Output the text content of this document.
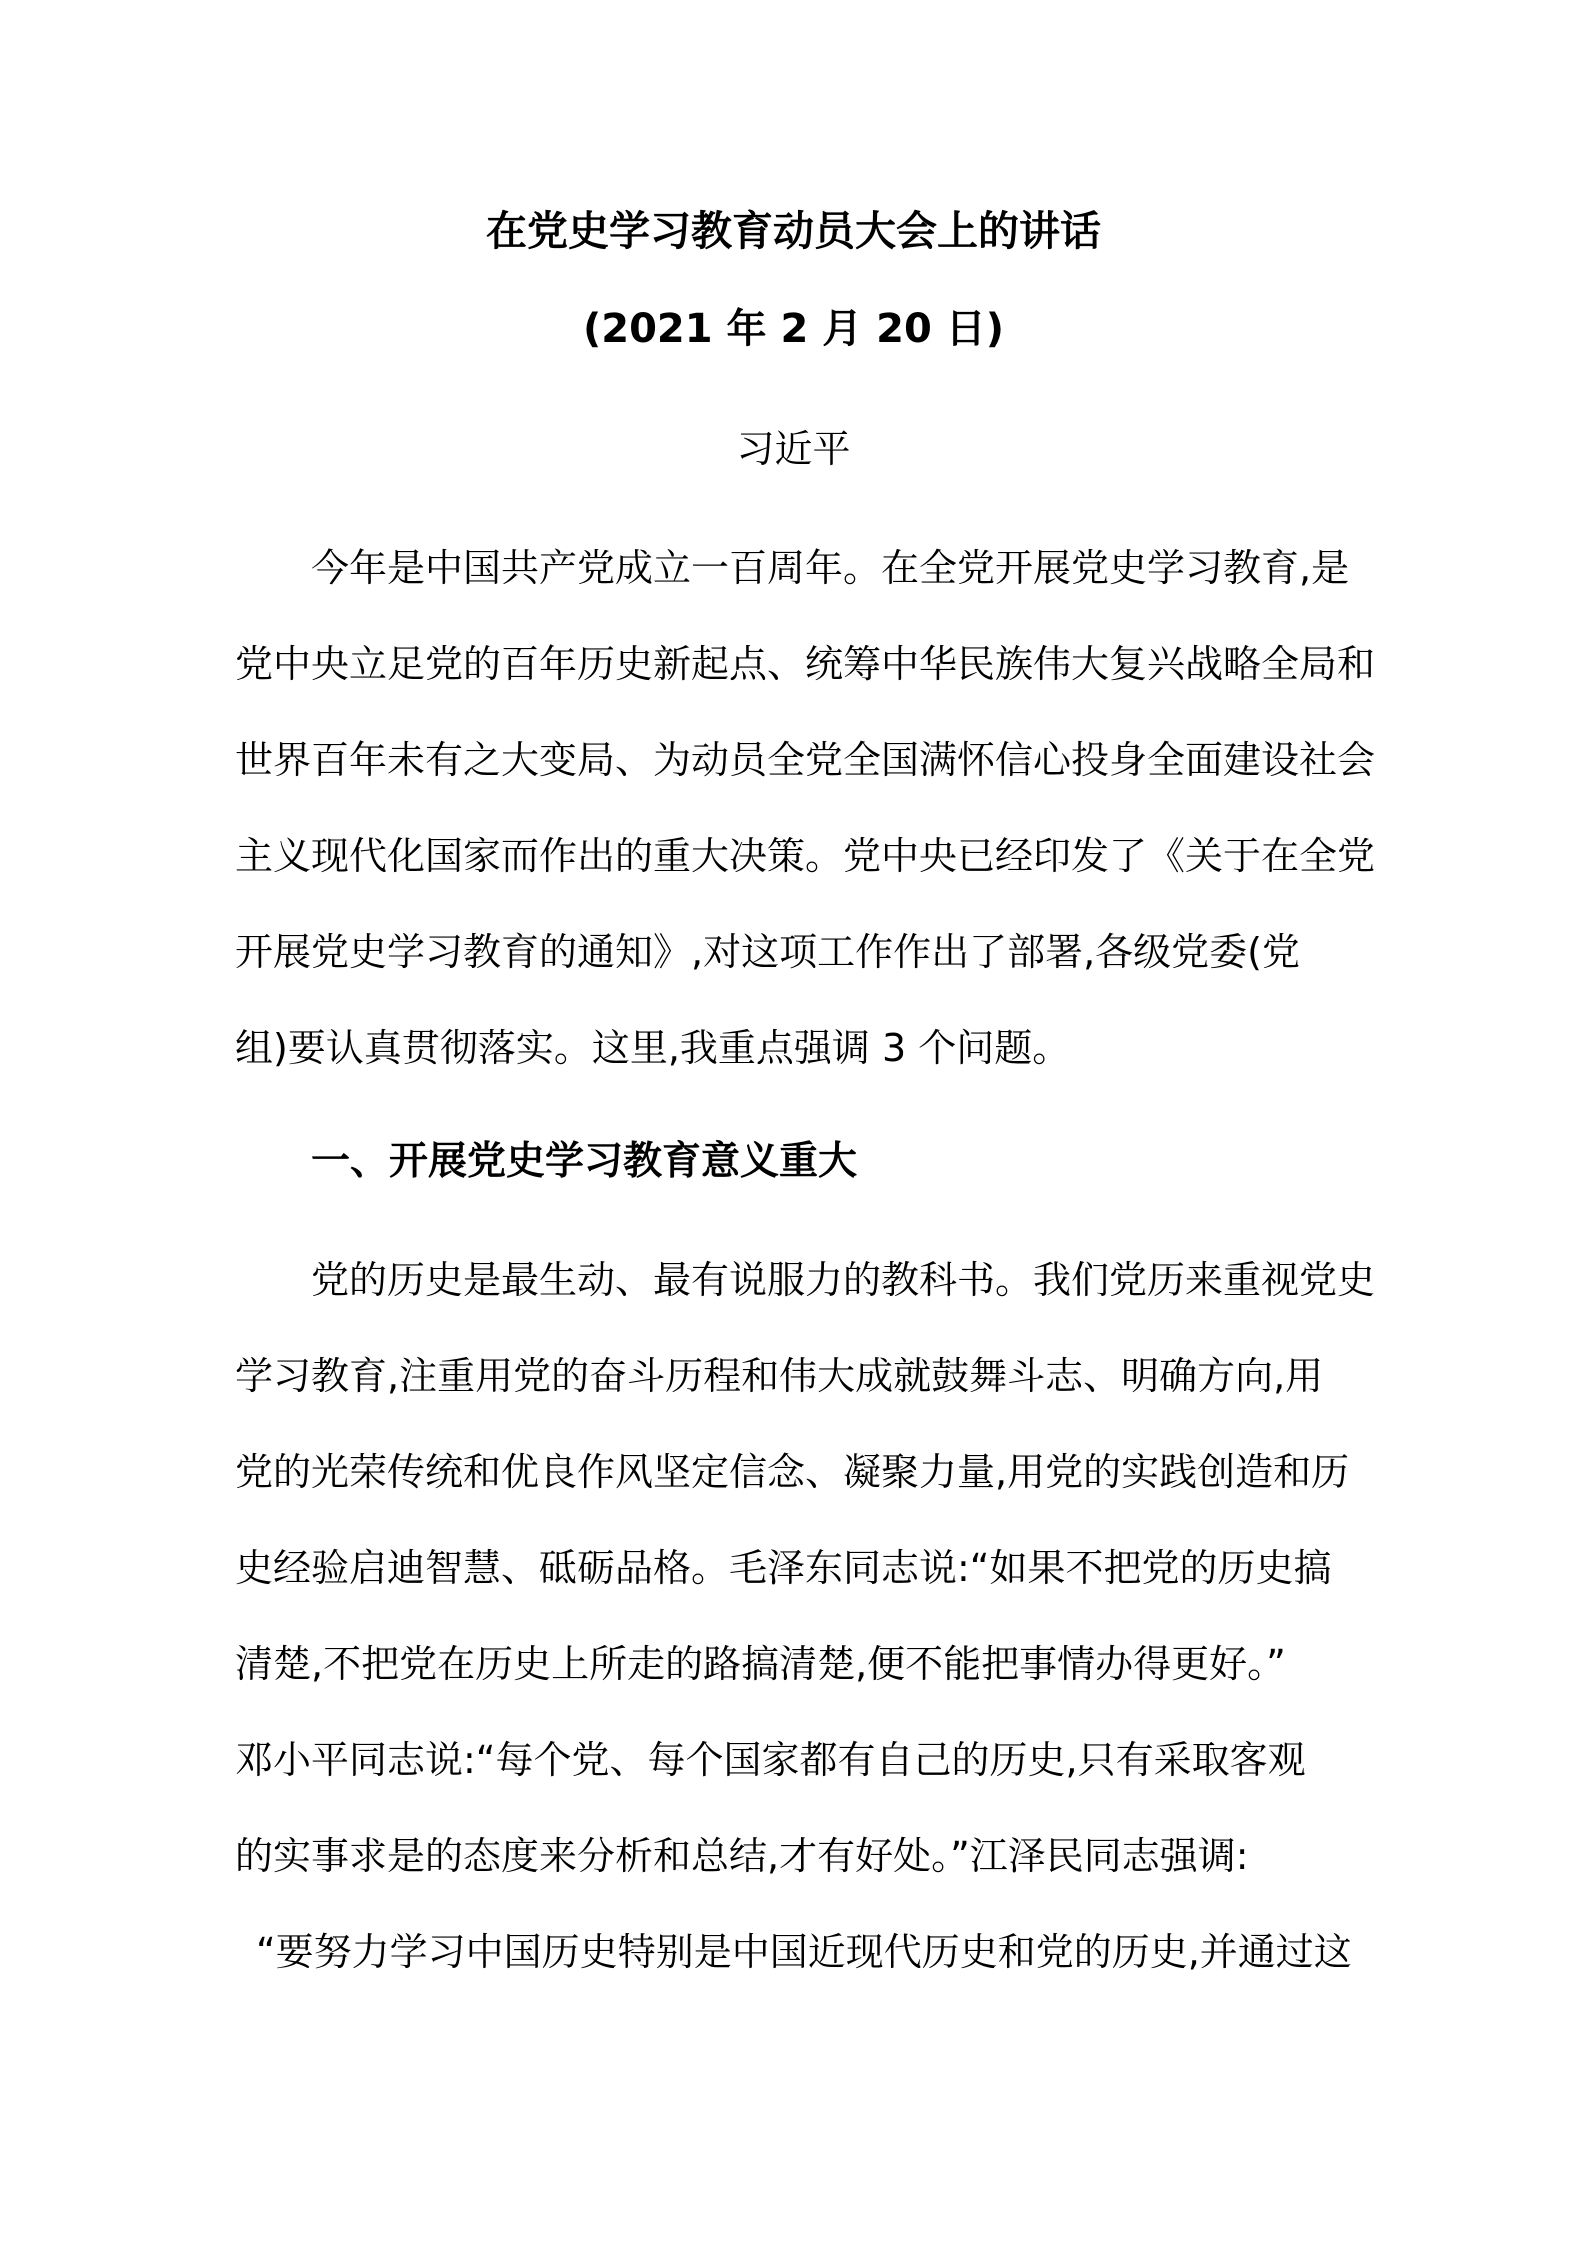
在党史学习教育动员大会上的讲话
(2021 年 2 月 20 日)
习近平
今年是中国共产党成立一百周年。在全党开展党史学习教育,是
党中央立足党的百年历史新起点、统筹中华民族伟大复兴战略全局和
世界百年未有之大变局、为动员全党全国满怀信心投身全面建设社会
主义现代化国家而作出的重大决策。党中央已经印发了《关于在全党
开展党史学习教育的通知》,对这项工作作出了部署,各级党委(党
组)要认真贯彻落实。这里,我重点强调 3 个问题。
一、开展党史学习教育意义重大
党的历史是最生动、最有说服力的教科书。我们党历来重视党史
学习教育,注重用党的奋斗历程和伟大成就鼓舞斗志、明确方向,用
党的光荣传统和优良作风坚定信念、凝聚力量,用党的实践创造和历
史经验启迪智慧、砥砺品格。毛泽东同志说:“如果不把党的历史搞
清楚,不把党在历史上所走的路搞清楚,便不能把事情办得更好。”
邓小平同志说:“每个党、每个国家都有自己的历史,只有采取客观
的实事求是的态度来分析和总结,才有好处。”江泽民同志强调:
“要努力学习中国历史特别是中国近现代历史和党的历史,并通过这
